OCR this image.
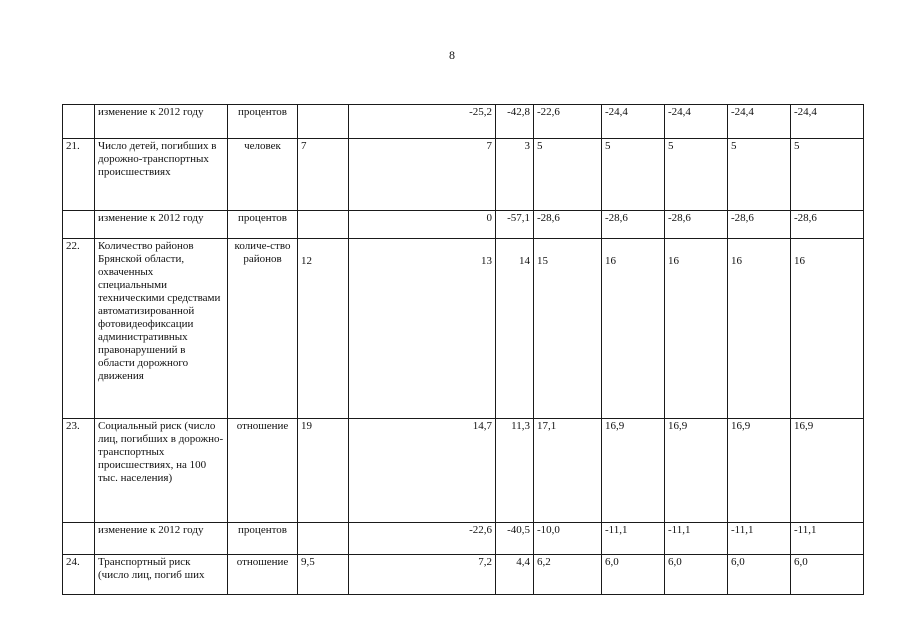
8
	изменение к 2012 году	процентов		-25,2	-42,8	-22,6	-24,4	-24,4	-24,4	-24,4
21.	Число детей, погибших в дорожно-транспортных происшествиях	человек	7	7	3	5	5	5	5	5
	изменение к 2012 году	процентов		0	-57,1	-28,6	-28,6	-28,6	-28,6	-28,6
22.	Количество районов Брянской области, охваченных специальными техническими средствами автоматизированной фотовидеофиксации административных правонарушений в области дорожного движения	количе-ство районов	12	13	14	15	16	16	16	16
23.	Социальный риск (число лиц, погибших в дорожно-транспортных происшествиях, на 100 тыс. населения)	отношение	19	14,7	11,3	17,1	16,9	16,9	16,9	16,9
	изменение к 2012 году	процентов		-22,6	-40,5	-10,0	-11,1	-11,1	-11,1	-11,1
24.	Транспортный риск (число лиц, погиб ших	отношение	9,5	7,2	4,4	6,2	6,0	6,0	6,0	6,0
